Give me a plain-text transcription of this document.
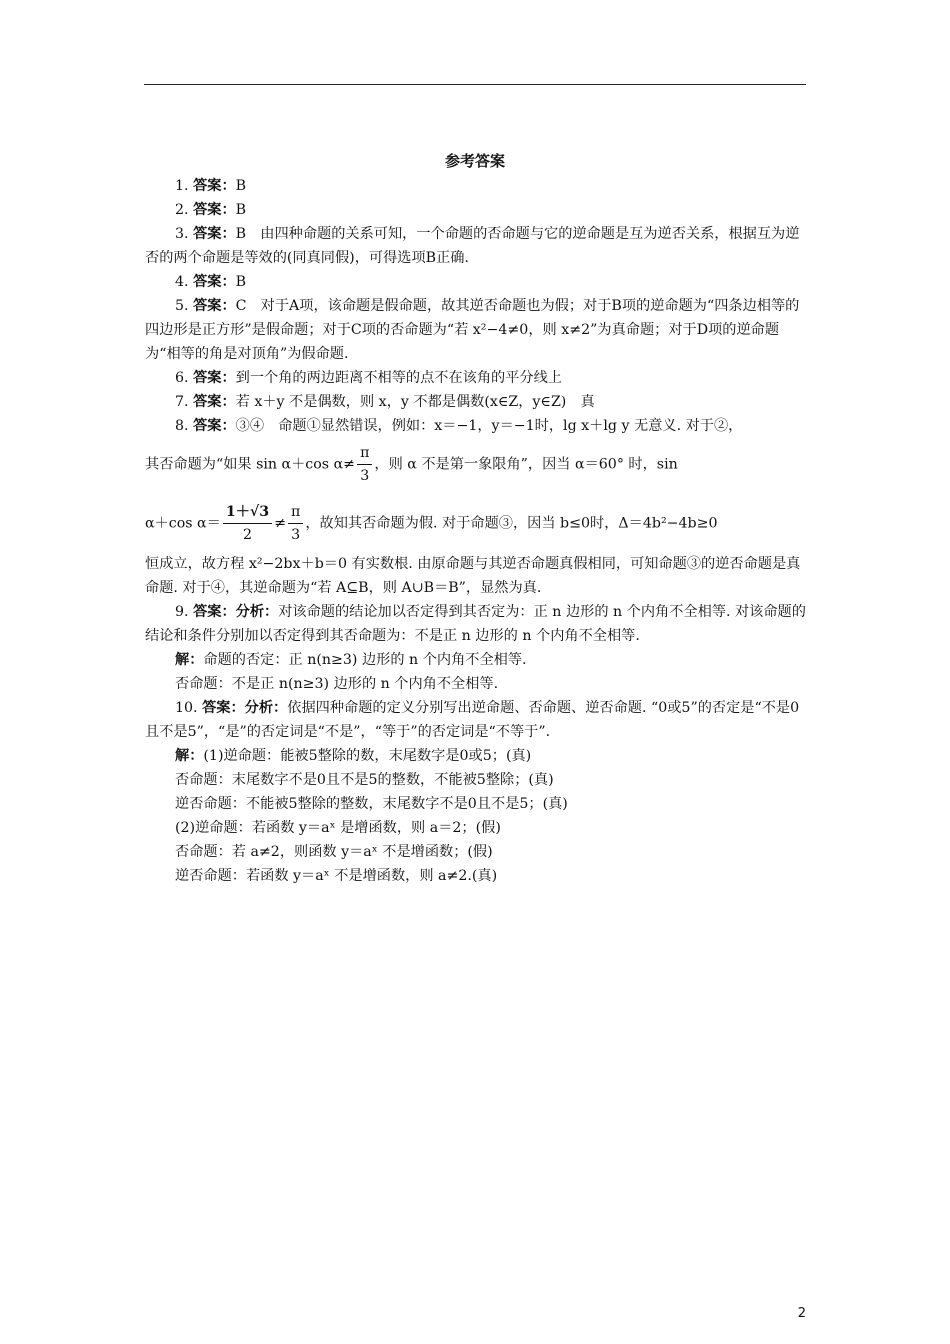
参考答案

1. 答案：B

2. 答案：B

3. 答案：B　由四种命题的关系可知，一个命题的否命题与它的逆命题是互为逆否关系，根据互为逆否的两个命题是等效的(同真同假)，可得选项B正确.

4. 答案：B

5. 答案：C　对于A项，该命题是假命题，故其逆否命题也为假；对于B项的逆命题为“四条边相等的四边形是正方形”是假命题；对于C项的否命题为“若 x²−4≠0，则 x≠2”为真命题；对于D项的逆命题为“相等的角是对顶角”为假命题.

6. 答案：到一个角的两边距离不相等的点不在该角的平分线上

7. 答案：若 x＋y 不是偶数，则 x，y 不都是偶数(x∈Z，y∈Z)　真

8. 答案：③④　命题①显然错误，例如：x＝−1，y＝−1时，lg x＋lg y 无意义. 对于②，

其否命题为“如果 sin α＋cos $\alpha\ne \frac{\pi}{3}$ ，则 α 不是第一象限角”，因当 α＝60° 时，sin

α＋cos $\alpha= \frac{1+√3}{2} \ne \frac{\pi}{3}$ ，故知其否命题为假. 对于命题③，因当 b≤0时，Δ＝4b²−4b≥0

恒成立，故方程 x²−2bx＋b＝0 有实数根. 由原命题与其逆否命题真假相同，可知命题③的逆否命题是真命题. 对于④，其逆命题为“若 A⊆B，则 A∪B＝B”，显然为真.

9. 答案：分析：对该命题的结论加以否定得到其否定为：正 n 边形的 n 个内角不全相等. 对该命题的结论和条件分别加以否定得到其否命题为：不是正 n 边形的 n 个内角不全相等.

解：命题的否定：正 n(n≥3) 边形的 n 个内角不全相等.

否命题：不是正 n(n≥3) 边形的 n 个内角不全相等.

10. 答案：分析：依据四种命题的定义分别写出逆命题、否命题、逆否命题. “0或5”的否定是“不是0且不是5”，“是”的否定词是“不是”，“等于”的否定词是“不等于”.

解：(1)逆命题：能被5整除的数，末尾数字是0或5；(真)

否命题：末尾数字不是0且不是5的整数，不能被5整除；(真)

逆否命题：不能被5整除的整数，末尾数字不是0且不是5；(真)

(2)逆命题：若函数 y＝aˣ 是增函数，则 a＝2；(假)

否命题：若 a≠2，则函数 y＝aˣ 不是增函数；(假)

逆否命题：若函数 y＝aˣ 不是增函数，则 a≠2.(真)

2
